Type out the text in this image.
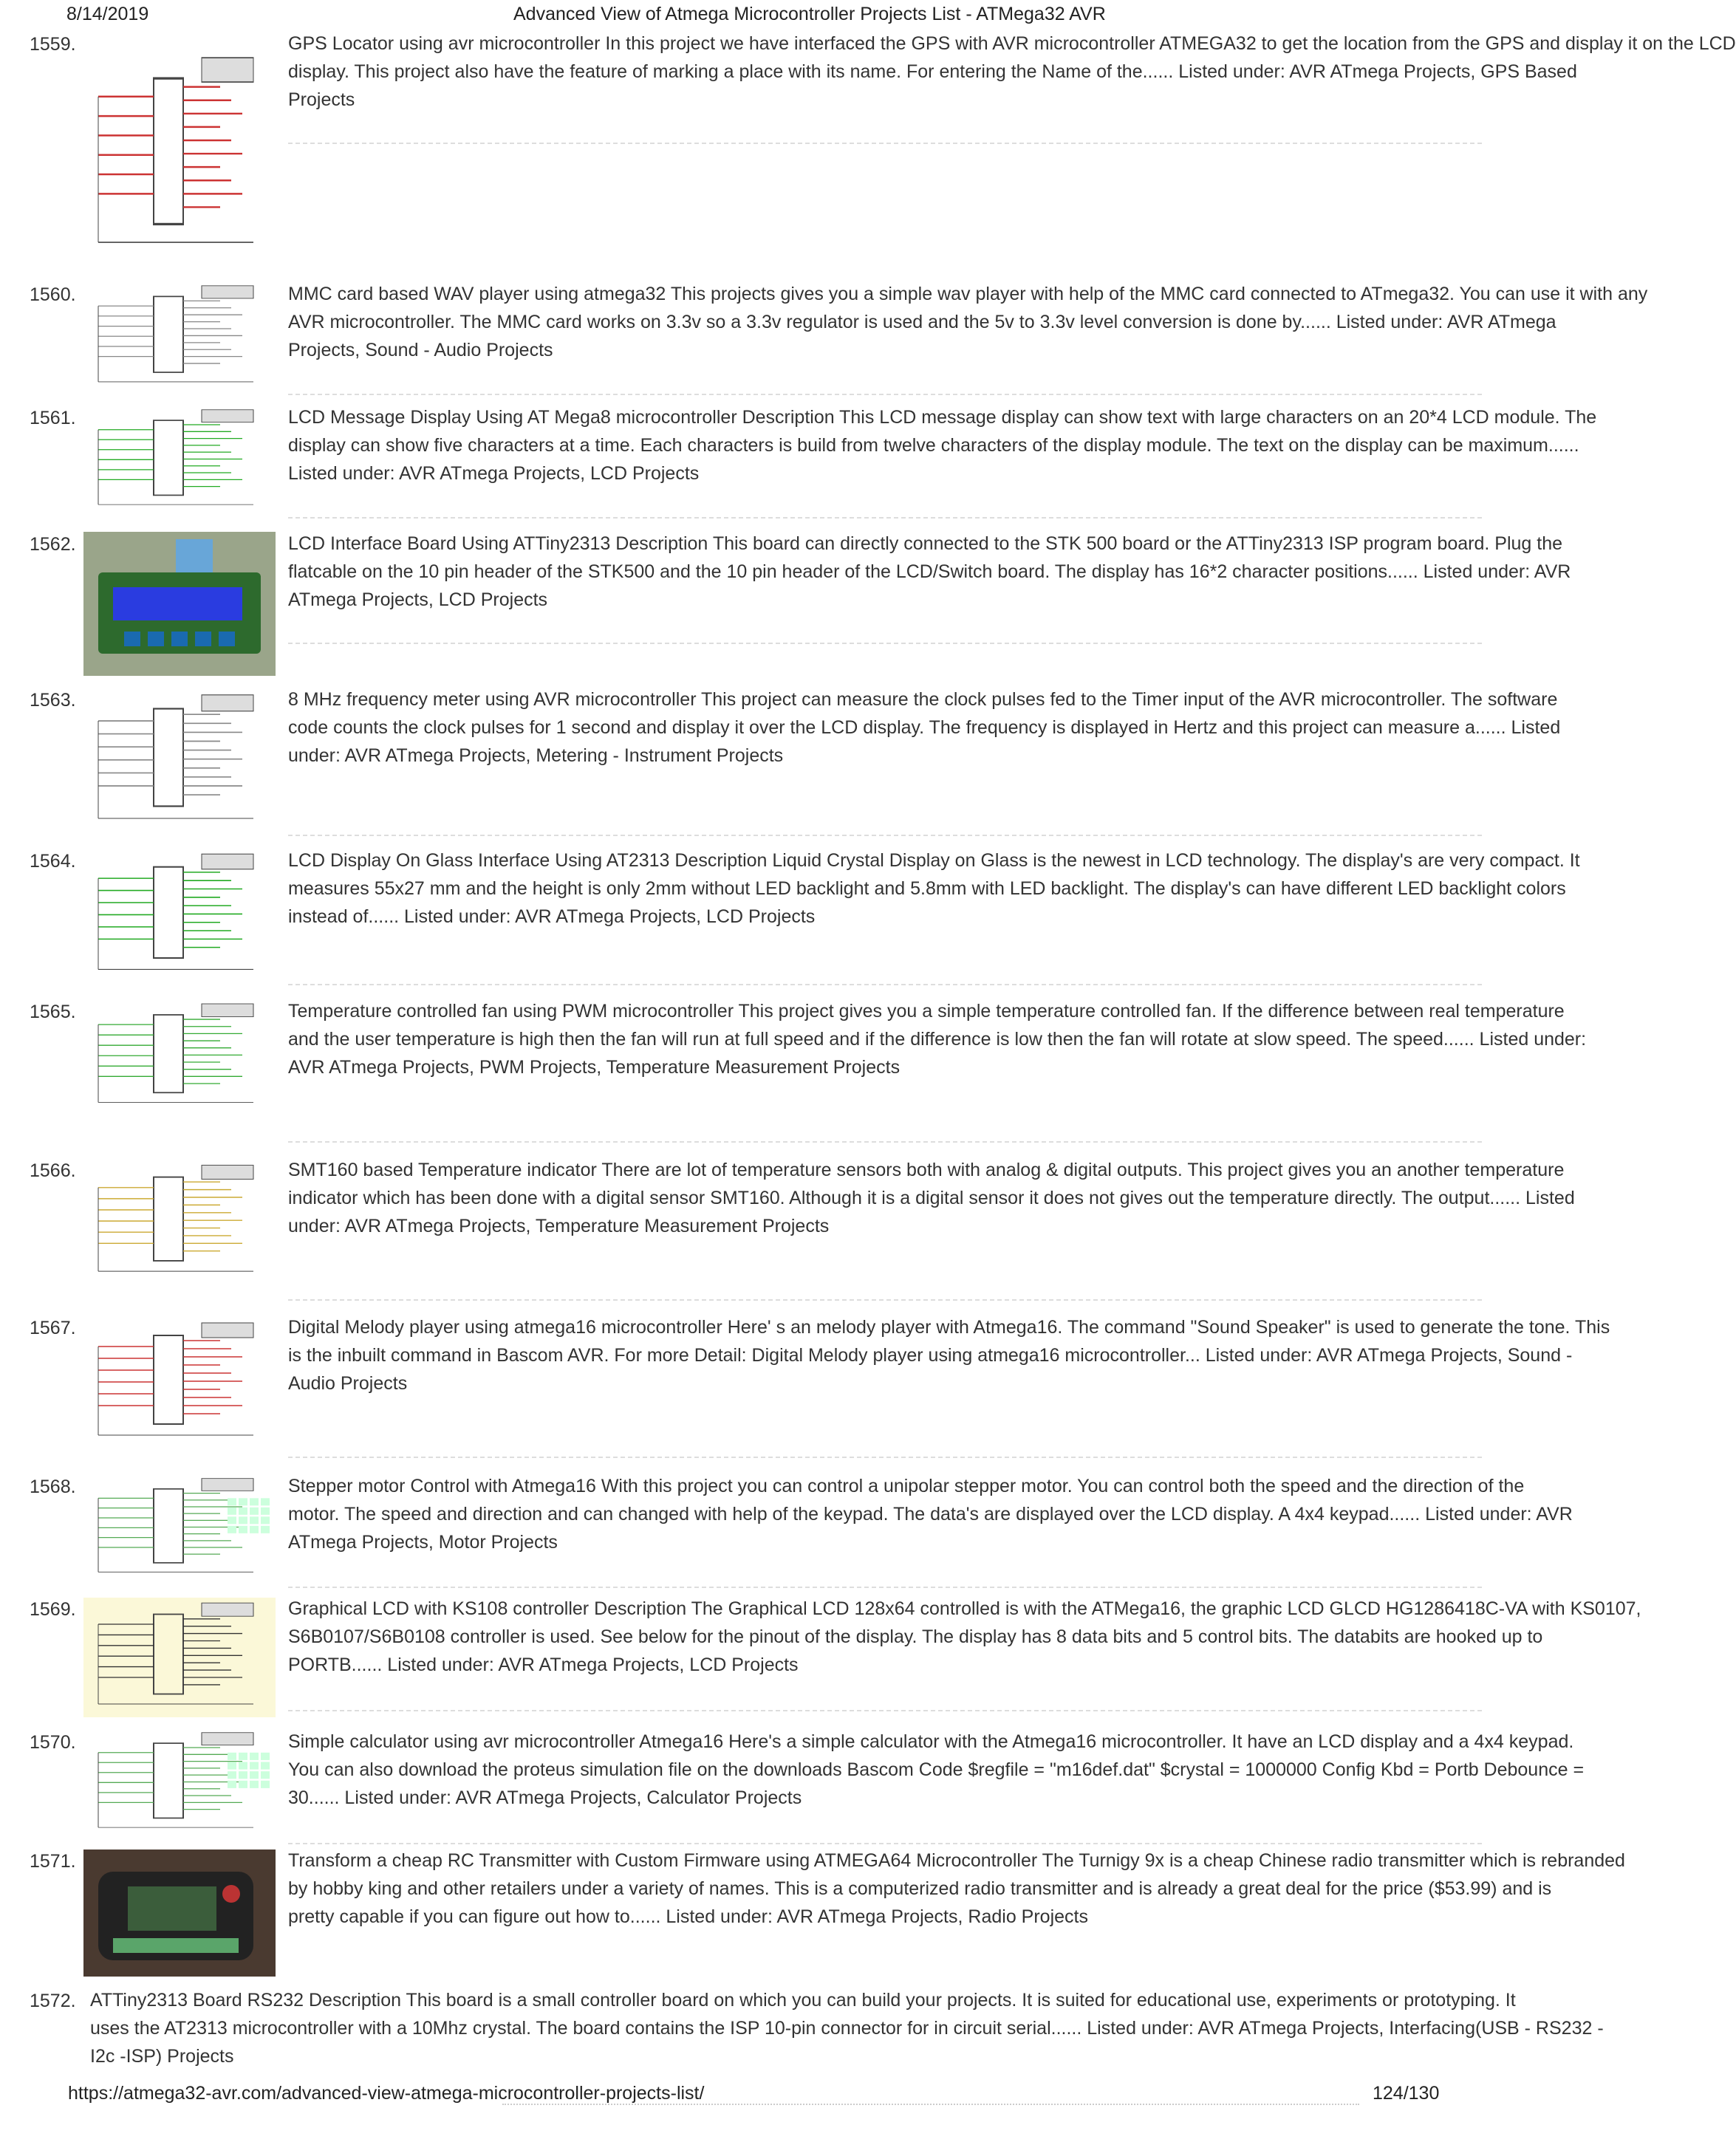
8/14/2019	Advanced View of Atmega Microcontroller Projects List - ATMega32 AVR
1559.	GPS Locator using avr microcontroller In this project we have interfaced the GPS with AVR microcontroller ATMEGA32 to get the location from the GPS and display it on the LCD
display. This project also have the feature of marking a place with its name. For entering the Name of the...... Listed under: AVR ATmega Projects, GPS Based
Projects
1560.	MMC card based WAV player using atmega32 This projects gives you a simple wav player with help of the MMC card connected to ATmega32. You can use it with any
AVR microcontroller. The MMC card works on 3.3v so a 3.3v regulator is used and the 5v to 3.3v level conversion is done by...... Listed under: AVR ATmega
Projects, Sound - Audio Projects
1561.	LCD Message Display Using AT Mega8 microcontroller Description This LCD message display can show text with large characters on an 20*4 LCD module. The
display can show five characters at a time. Each characters is build from twelve characters of the display module. The text on the display can be maximum......
Listed under: AVR ATmega Projects, LCD Projects
1562.	LCD Interface Board Using ATTiny2313 Description This board can directly connected to the STK 500 board or the ATTiny2313 ISP program board. Plug the
flatcable on the 10 pin header of the STK500 and the 10 pin header of the LCD/Switch board. The display has 16*2 character positions...... Listed under: AVR
ATmega Projects, LCD Projects
1563.	8 MHz frequency meter using AVR microcontroller This project can measure the clock pulses fed to the Timer input of the AVR microcontroller. The software
code counts the clock pulses for 1 second and display it over the LCD display. The frequency is displayed in Hertz and this project can measure a...... Listed
under: AVR ATmega Projects, Metering - Instrument Projects
1564.	LCD Display On Glass Interface Using AT2313 Description Liquid Crystal Display on Glass is the newest in LCD technology. The display's are very compact. It
measures 55x27 mm and the height is only 2mm without LED backlight and 5.8mm with LED backlight. The display's can have different LED backlight colors
instead of...... Listed under: AVR ATmega Projects, LCD Projects
1565.	Temperature controlled fan using PWM microcontroller This project gives you a simple temperature controlled fan. If the difference between real temperature
and the user temperature is high then the fan will run at full speed and if the difference is low then the fan will rotate at slow speed. The speed...... Listed under:
AVR ATmega Projects, PWM Projects, Temperature Measurement Projects
1566.	SMT160 based Temperature indicator There are lot of temperature sensors both with analog & digital outputs. This project gives you an another temperature
indicator which has been done with a digital sensor SMT160. Although it is a digital sensor it does not gives out the temperature directly. The output...... Listed
under: AVR ATmega Projects, Temperature Measurement Projects
1567.	Digital Melody player using atmega16 microcontroller Here' s an melody player with Atmega16. The command "Sound Speaker" is used to generate the tone. This
is the inbuilt command in Bascom AVR. For more Detail: Digital Melody player using atmega16 microcontroller... Listed under: AVR ATmega Projects, Sound -
Audio Projects
1568.	Stepper motor Control with Atmega16 With this project you can control a unipolar stepper motor. You can control both the speed and the direction of the
motor. The speed and direction and can changed with help of the keypad. The data's are displayed over the LCD display. A 4x4 keypad...... Listed under: AVR
ATmega Projects, Motor Projects
1569.	Graphical LCD with KS108 controller Description The Graphical LCD 128x64 controlled is with the ATMega16, the graphic LCD GLCD HG1286418C-VA with KS0107,
S6B0107/S6B0108 controller is used. See below for the pinout of the display. The display has 8 data bits and 5 control bits. The databits are hooked up to
PORTB...... Listed under: AVR ATmega Projects, LCD Projects
1570.	Simple calculator using avr microcontroller Atmega16 Here's a simple calculator with the Atmega16 microcontroller. It have an LCD display and a 4x4 keypad.
You can also download the proteus simulation file on the downloads Bascom Code $regfile = "m16def.dat" $crystal = 1000000 Config Kbd = Portb Debounce =
30...... Listed under: AVR ATmega Projects, Calculator Projects
1571.	Transform a cheap RC Transmitter with Custom Firmware using ATMEGA64 Microcontroller The Turnigy 9x is a cheap Chinese radio transmitter which is rebranded
by hobby king and other retailers under a variety of names. This is a computerized radio transmitter and is already a great deal for the price ($53.99) and is
pretty capable if you can figure out how to...... Listed under: AVR ATmega Projects, Radio Projects
1572. ATTiny2313 Board RS232 Description This board is a small controller board on which you can build your projects. It is suited for educational use, experiments or prototyping. It
uses the AT2313 microcontroller with a 10Mhz crystal. The board contains the ISP 10-pin connector for in circuit serial...... Listed under: AVR ATmega Projects, Interfacing(USB - RS232 -
I2c -ISP) Projects
https://atmega32-avr.com/advanced-view-atmega-microcontroller-projects-list/	124/130
